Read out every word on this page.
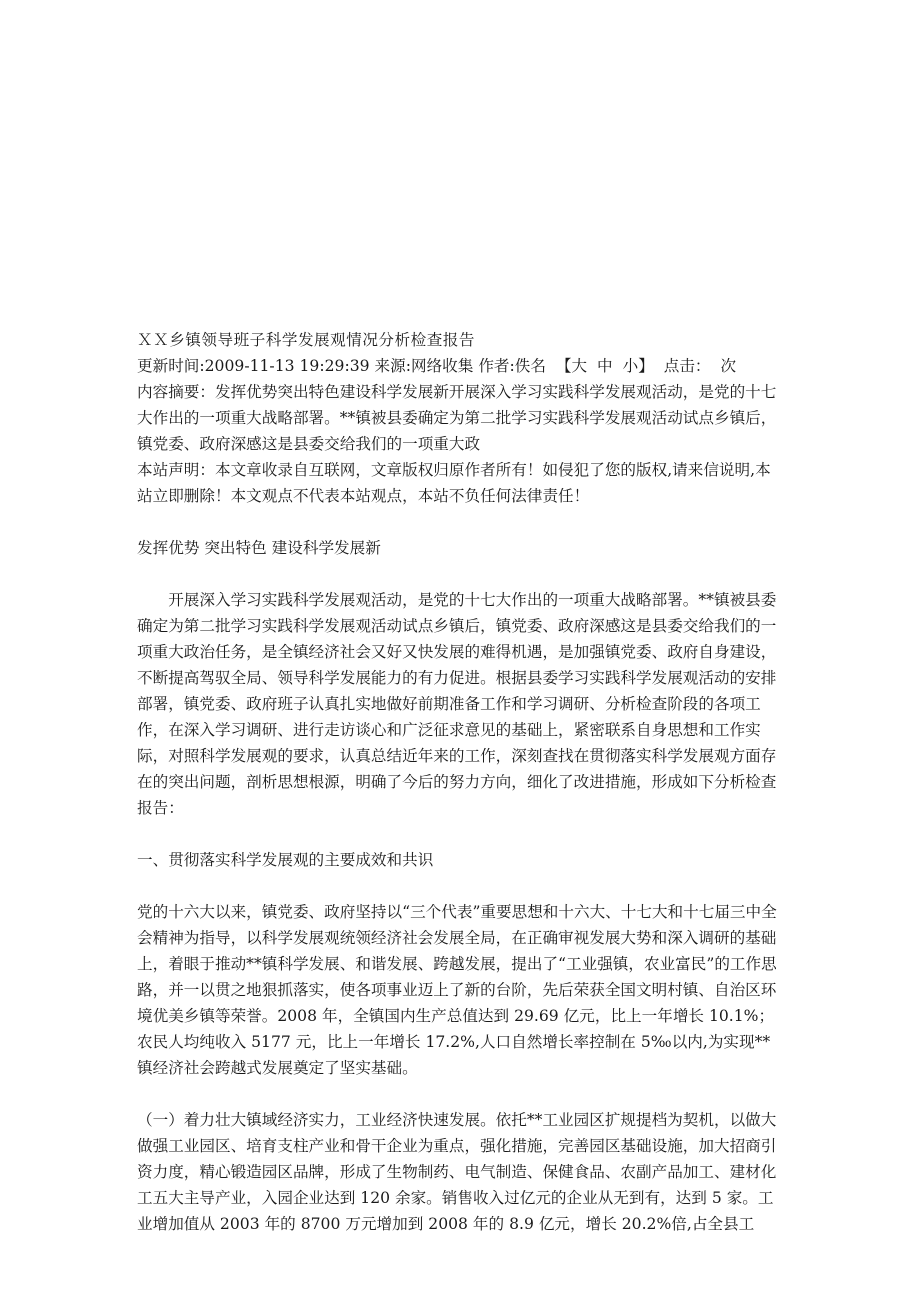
ＸＸ乡镇领导班子科学发展观情况分析检查报告

更新时间:2009-11-13 19:29:39 来源:网络收集 作者:佚名 【大 中 小】 点击： 次

内容摘要：发挥优势突出特色建设科学发展新开展深入学习实践科学发展观活动，是党的十七大作出的一项重大战略部署。**镇被县委确定为第二批学习实践科学发展观活动试点乡镇后，镇党委、政府深感这是县委交给我们的一项重大政

本站声明：本文章收录自互联网，文章版权归原作者所有！如侵犯了您的版权,请来信说明,本站立即删除！本文观点不代表本站观点，本站不负任何法律责任！

发挥优势 突出特色 建设科学发展新

开展深入学习实践科学发展观活动，是党的十七大作出的一项重大战略部署。**镇被县委确定为第二批学习实践科学发展观活动试点乡镇后，镇党委、政府深感这是县委交给我们的一项重大政治任务，是全镇经济社会又好又快发展的难得机遇，是加强镇党委、政府自身建设，不断提高驾驭全局、领导科学发展能力的有力促进。根据县委学习实践科学发展观活动的安排部署，镇党委、政府班子认真扎实地做好前期准备工作和学习调研、分析检查阶段的各项工作，在深入学习调研、进行走访谈心和广泛征求意见的基础上，紧密联系自身思想和工作实际，对照科学发展观的要求，认真总结近年来的工作，深刻查找在贯彻落实科学发展观方面存在的突出问题，剖析思想根源，明确了今后的努力方向，细化了改进措施，形成如下分析检查报告：

一、贯彻落实科学发展观的主要成效和共识

党的十六大以来，镇党委、政府坚持以“三个代表”重要思想和十六大、十七大和十七届三中全会精神为指导，以科学发展观统领经济社会发展全局，在正确审视发展大势和深入调研的基础上，着眼于推动**镇科学发展、和谐发展、跨越发展，提出了“工业强镇，农业富民”的工作思路，并一以贯之地狠抓落实，使各项事业迈上了新的台阶，先后荣获全国文明村镇、自治区环境优美乡镇等荣誉。2008 年，全镇国内生产总值达到 29.69 亿元，比上一年增长 10.1%；农民人均纯收入 5177 元，比上一年增长 17.2%,人口自然增长率控制在 5‰以内,为实现**镇经济社会跨越式发展奠定了坚实基础。

（一）着力壮大镇域经济实力，工业经济快速发展。依托**工业园区扩规提档为契机，以做大做强工业园区、培育支柱产业和骨干企业为重点，强化措施，完善园区基础设施，加大招商引资力度，精心锻造园区品牌，形成了生物制药、电气制造、保健食品、农副产品加工、建材化工五大主导产业，入园企业达到 120 余家。销售收入过亿元的企业从无到有，达到 5 家。工业增加值从 2003 年的 8700 万元增加到 2008 年的 8.9 亿元，增长 20.2%倍,占全县工
